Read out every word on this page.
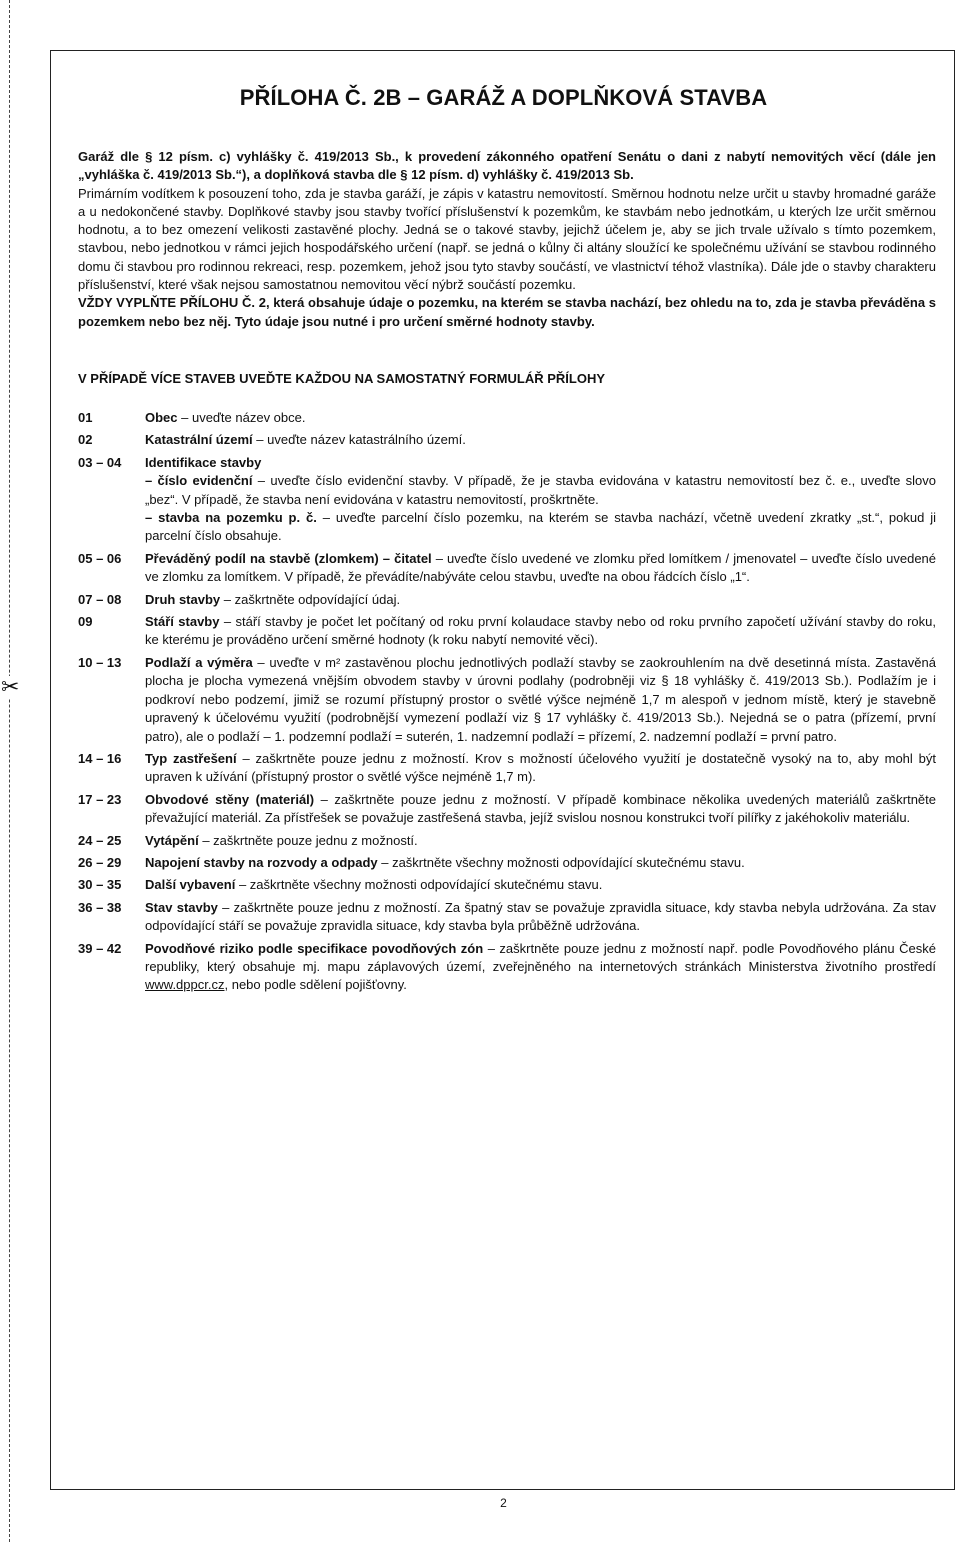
✂
PŘÍLOHA Č. 2B – GARÁŽ A DOPLŇKOVÁ STAVBA

Garáž dle § 12 písm. c) vyhlášky č. 419/2013 Sb., k provedení zákonného opatření Senátu o dani z nabytí nemovitých věcí (dále jen „vyhláška č. 419/2013 Sb.“), a doplňková stavba dle § 12 písm. d) vyhlášky č. 419/2013 Sb.

Primárním vodítkem k posouzení toho, zda je stavba garáží, je zápis v katastru nemovitostí. Směrnou hodnotu nelze určit u stavby hromadné garáže a u nedokončené stavby. Doplňkové stavby jsou stavby tvořící příslušenství k pozemkům, ke stavbám nebo jednotkám, u kterých lze určit směrnou hodnotu, a to bez omezení velikosti zastavěné plochy. Jedná se o takové stavby, jejichž účelem je, aby se jich trvale užívalo s tímto pozemkem, stavbou, nebo jednotkou v rámci jejich hospodářského určení (např. se jedná o kůlny či altány sloužící ke společnému užívání se stavbou rodinného domu či stavbou pro rodinnou rekreaci, resp. pozemkem, jehož jsou tyto stavby součástí, ve vlastnictví téhož vlastníka). Dále jde o stavby charakteru příslušenství, které však nejsou samostatnou nemovitou věcí nýbrž součástí pozemku.

VŽDY VYPLŇTE PŘÍLOHU Č. 2, která obsahuje údaje o pozemku, na kterém se stavba nachází, bez ohledu na to, zda je stavba převáděna s pozemkem nebo bez něj. Tyto údaje jsou nutné i pro určení směrné hodnoty stavby.

V PŘÍPADĚ VÍCE STAVEB UVEĎTE KAŽDOU NA SAMOSTATNÝ FORMULÁŘ PŘÍLOHY
01	Obec – uveďte název obce.
02	Katastrální území – uveďte název katastrálního území.
03 – 04	Identifikace stavby
– číslo evidenční – uveďte číslo evidenční stavby. V případě, že je stavba evidována v katastru nemovitostí bez č. e., uveďte slovo „bez“. V případě, že stavba není evidována v katastru nemovitostí, proškrtněte.
– stavba na pozemku p. č. – uveďte parcelní číslo pozemku, na kterém se stavba nachází, včetně uvedení zkratky „st.“, pokud ji parcelní číslo obsahuje.
05 – 06	Převáděný podíl na stavbě (zlomkem) – čitatel – uveďte číslo uvedené ve zlomku před lomítkem / jmenovatel – uveďte číslo uvedené ve zlomku za lomítkem. V případě, že převádíte/nabýváte celou stavbu, uveďte na obou řádcích číslo „1“.
07 – 08	Druh stavby – zaškrtněte odpovídající údaj.
09	Stáří stavby – stáří stavby je počet let počítaný od roku první kolaudace stavby nebo od roku prvního započetí užívání stavby do roku, ke kterému je prováděno určení směrné hodnoty (k roku nabytí nemovité věci).
10 – 13	Podlaží a výměra – uveďte v m² zastavěnou plochu jednotlivých podlaží stavby se zaokrouhlením na dvě desetinná místa. Zastavěná plocha je plocha vymezená vnějším obvodem stavby v úrovni podlahy (podrobněji viz § 18 vyhlášky č. 419/2013 Sb.). Podlažím je i podkroví nebo podzemí, jimiž se rozumí přístupný prostor o světlé výšce nejméně 1,7 m alespoň v jednom místě, který je stavebně upravený k účelovému využití (podrobnější vymezení podlaží viz § 17 vyhlášky č. 419/2013 Sb.). Nejedná se o patra (přízemí, první patro), ale o podlaží – 1. podzemní podlaží = suterén, 1. nadzemní podlaží = přízemí, 2. nadzemní podlaží = první patro.
14 – 16	Typ zastřešení – zaškrtněte pouze jednu z možností. Krov s možností účelového využití je dostatečně vysoký na to, aby mohl být upraven k užívání (přístupný prostor o světlé výšce nejméně 1,7 m).
17 – 23	Obvodové stěny (materiál) – zaškrtněte pouze jednu z možností. V případě kombinace několika uvedených materiálů zaškrtněte převažující materiál. Za přístřešek se považuje zastřešená stavba, jejíž svislou nosnou konstrukci tvoří pilířky z jakéhokoliv materiálu.
24 – 25	Vytápění – zaškrtněte pouze jednu z možností.
26 – 29	Napojení stavby na rozvody a odpady – zaškrtněte všechny možnosti odpovídající skutečnému stavu.
30 – 35	Další vybavení – zaškrtněte všechny možnosti odpovídající skutečnému stavu.
36 – 38	Stav stavby – zaškrtněte pouze jednu z možností. Za špatný stav se považuje zpravidla situace, kdy stavba nebyla udržována. Za stav odpovídající stáří se považuje zpravidla situace, kdy stavba byla průběžně udržována.
39 – 42	Povodňové riziko podle specifikace povodňových zón – zaškrtněte pouze jednu z možností např. podle Povodňového plánu České republiky, který obsahuje mj. mapu záplavových území, zveřejněného na internetových stránkách Ministerstva životního prostředí www.dppcr.cz, nebo podle sdělení pojišťovny.
2
